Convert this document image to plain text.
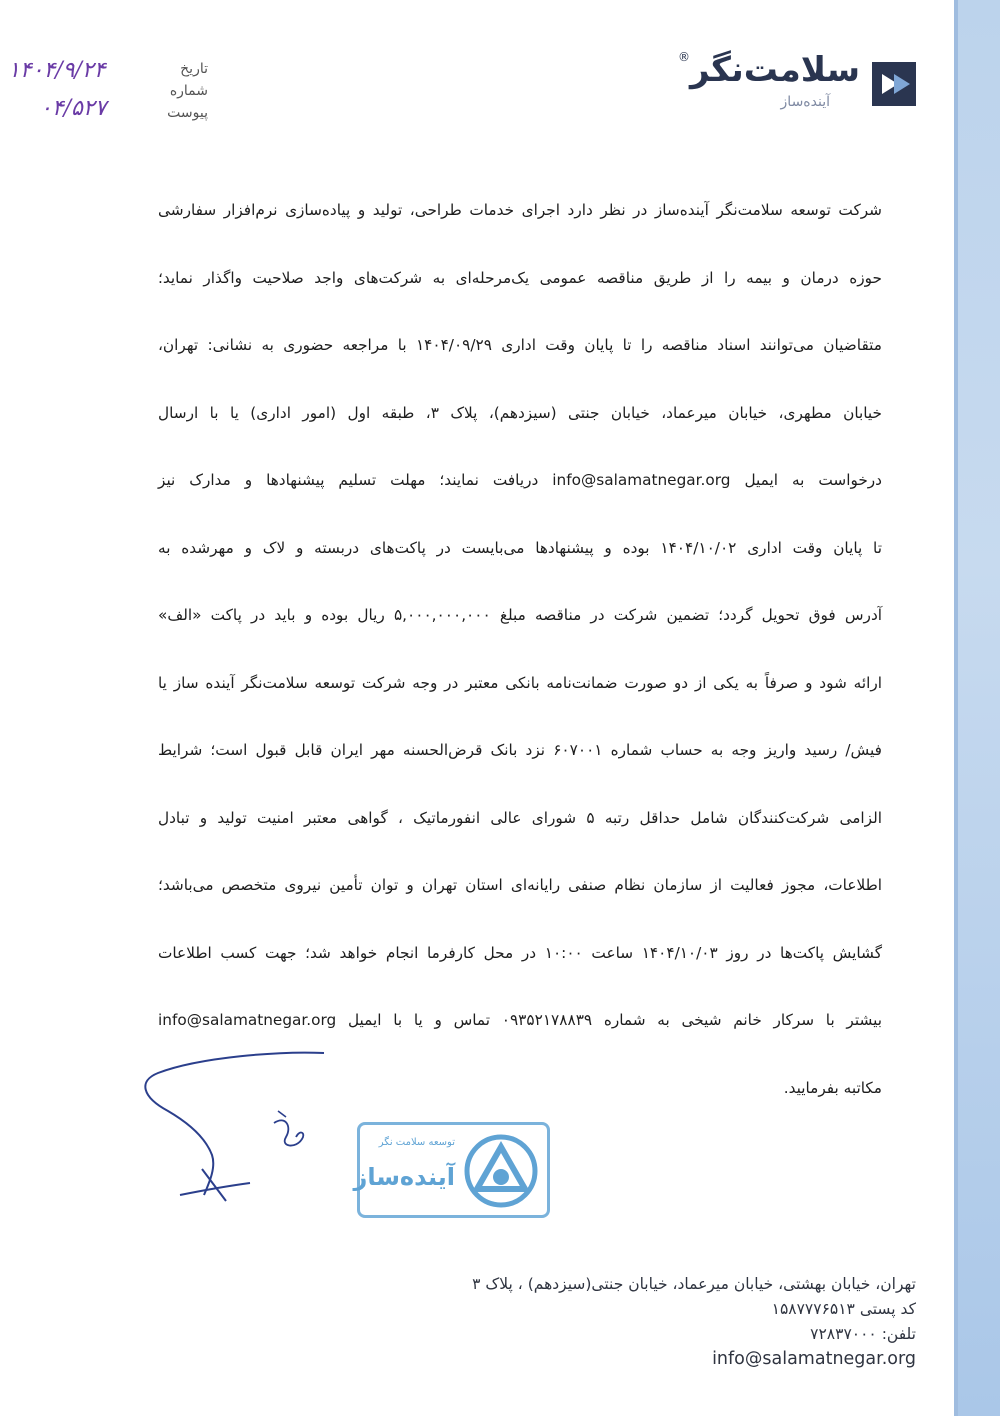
سلامت‌نگر®
آینده‌ساز
تاریخ
شماره
پیوست
۱۴۰۴/۹/۲۴
۰۴/۵۲۷
شرکت توسعه سلامت‌نگر آینده‌ساز در نظر دارد اجرای خدمات طراحی، تولید و پیاده‌سازی نرم‌افزار سفارشی
حوزه درمان و بیمه را از طریق مناقصه عمومی یک‌مرحله‌ای به شرکت‌های واجد صلاحیت واگذار نماید؛
متقاضیان می‌توانند اسناد مناقصه را تا پایان وقت اداری ۱۴۰۴/۰۹/۲۹ با مراجعه حضوری به نشانی: تهران،
خیابان مطهری، خیابان میرعماد، خیابان جنتی (سیزدهم)، پلاک ۳، طبقه اول (امور اداری) یا با ارسال
درخواست به ایمیل info@salamatnegar.org دریافت نمایند؛ مهلت تسلیم پیشنهادها و مدارک نیز
تا پایان وقت اداری ۱۴۰۴/۱۰/۰۲ بوده و پیشنهادها می‌بایست در پاکت‌های دربسته و لاک و مهرشده به
آدرس فوق تحویل گردد؛ تضمین شرکت در مناقصه مبلغ ۵,۰۰۰,۰۰۰,۰۰۰ ریال بوده و باید در پاکت «الف»
ارائه شود و صرفاً به یکی از دو صورت ضمانت‌نامه بانکی معتبر در وجه شرکت توسعه سلامت‌نگر آینده ساز یا
فیش/ رسید واریز وجه به حساب شماره ۶۰۷۰۰۱ نزد بانک قرض‌الحسنه مهر ایران قابل قبول است؛ شرایط
الزامی شرکت‌کنندگان شامل حداقل رتبه ۵ شورای عالی انفورماتیک ، گواهی معتبر امنیت تولید و تبادل
اطلاعات، مجوز فعالیت از سازمان نظام صنفی رایانه‌ای استان تهران و توان تأمین نیروی متخصص می‌باشد؛
گشایش پاکت‌ها در روز ۱۴۰۴/۱۰/۰۳ ساعت ۱۰:۰۰ در محل کارفرما انجام خواهد شد؛ جهت کسب اطلاعات
بیشتر با سرکار خانم شیخی به شماره ۰۹۳۵۲۱۷۸۸۳۹ تماس و یا با ایمیل info@salamatnegar.org
مکاتبه بفرمایید.
توسعه سلامت نگر
آینده‌ساز
تهران، خیابان بهشتی، خیابان میرعماد، خیابان جنتی(سیزدهم) ، پلاک ۳
کد پستی ۱۵۸۷۷۷۶۵۱۳
تلفن: ۷۲۸۳۷۰۰۰
info@salamatnegar.org
